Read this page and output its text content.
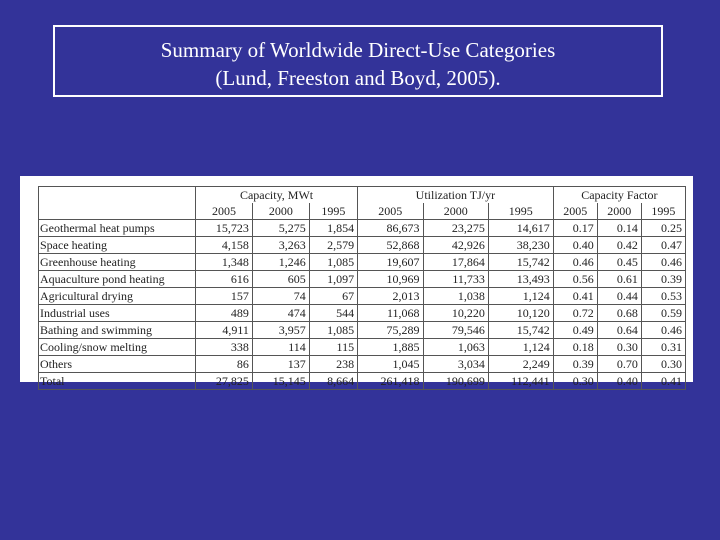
Summary of Worldwide Direct-Use Categories
(Lund, Freeston and Boyd, 2005).
	Capacity, MWt			Utilization TJ/yr			Capacity Factor		
	2005	2000	1995	2005	2000	1995	2005	2000	1995
Geothermal heat pumps	15,723	5,275	1,854	86,673	23,275	14,617	0.17	0.14	0.25
Space heating	4,158	3,263	2,579	52,868	42,926	38,230	0.40	0.42	0.47
Greenhouse heating	1,348	1,246	1,085	19,607	17,864	15,742	0.46	0.45	0.46
Aquaculture pond heating	616	605	1,097	10,969	11,733	13,493	0.56	0.61	0.39
Agricultural drying	157	74	67	2,013	1,038	1,124	0.41	0.44	0.53
Industrial uses	489	474	544	11,068	10,220	10,120	0.72	0.68	0.59
Bathing and swimming	4,911	3,957	1,085	75,289	79,546	15,742	0.49	0.64	0.46
Cooling/snow melting	338	114	115	1,885	1,063	1,124	0.18	0.30	0.31
Others	86	137	238	1,045	3,034	2,249	0.39	0.70	0.30
Total	27,825	15,145	8,664	261,418	190,699	112,441	0.30	0.40	0.41
